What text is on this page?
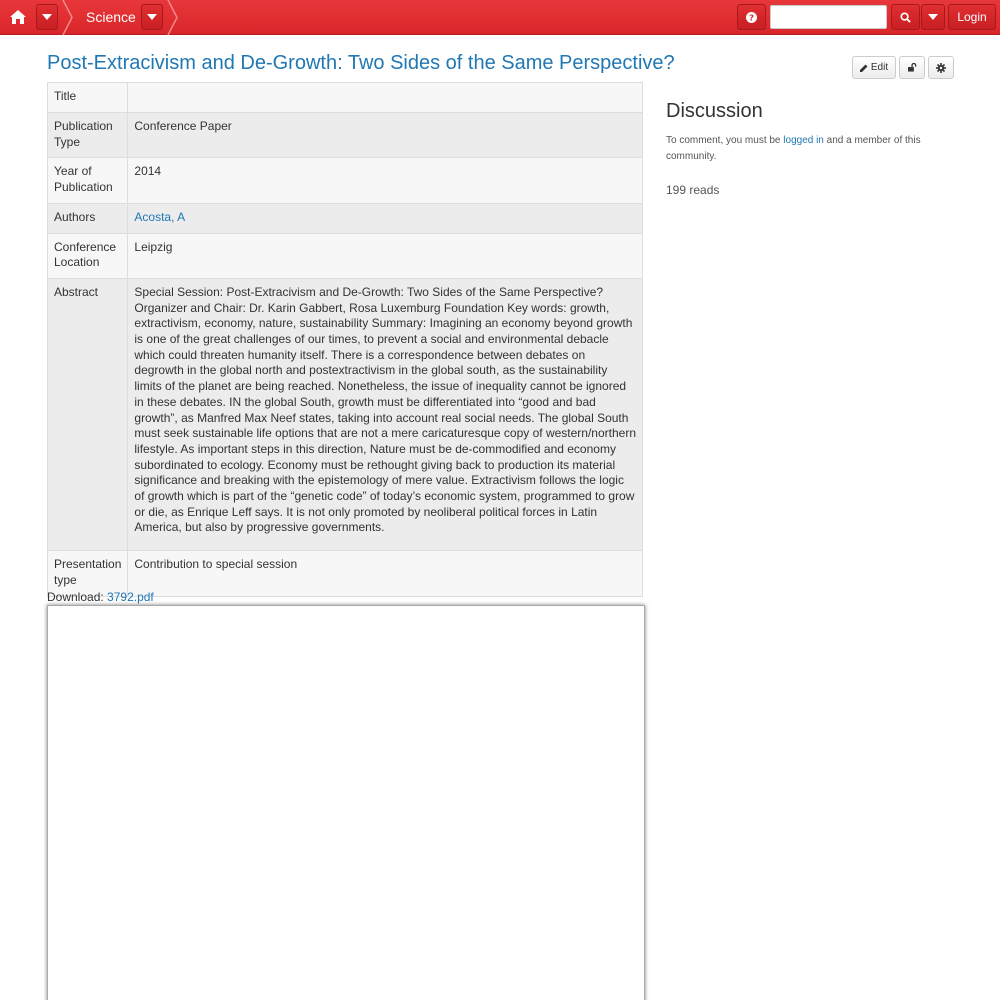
Science	?	Login
Post-Extracivism and De-Growth: Two Sides of the Same Perspective?	Edit
Title	
Publication Type	Conference Paper
Year of Publication	2014
Authors	Acosta, A
Conference Location	Leipzig
Abstract	Special Session: Post-Extracivism and De-Growth: Two Sides of the Same Perspective? Organizer and Chair: Dr. Karin Gabbert, Rosa Luxemburg Foundation Key words: growth, extractivism, economy, nature, sustainability Summary: Imagining an economy beyond growth is one of the great challenges of our times, to prevent a social and environmental debacle which could threaten humanity itself. There is a correspondence between debates on degrowth in the global north and postextractivism in the global south, as the sustainability limits of the planet are being reached. Nonetheless, the issue of inequality cannot be ignored in these debates. IN the global South, growth must be differentiated into “good and bad growth”, as Manfred Max Neef states, taking into account real social needs. The global South must seek sustainable life options that are not a mere caricaturesque copy of western/northern lifestyle. As important steps in this direction, Nature must be de-commodified and economy subordinated to ecology. Economy must be rethought giving back to production its material significance and breaking with the epistemology of mere value. Extractivism follows the logic of growth which is part of the “genetic code” of today’s economic system, programmed to grow or die, as Enrique Leff says. It is not only promoted by neoliberal political forces in Latin America, but also by progressive governments.
Presentation type	Contribution to special session
Download: 3792.pdf
Discussion
To comment, you must be logged in and a member of this community.
199 reads
